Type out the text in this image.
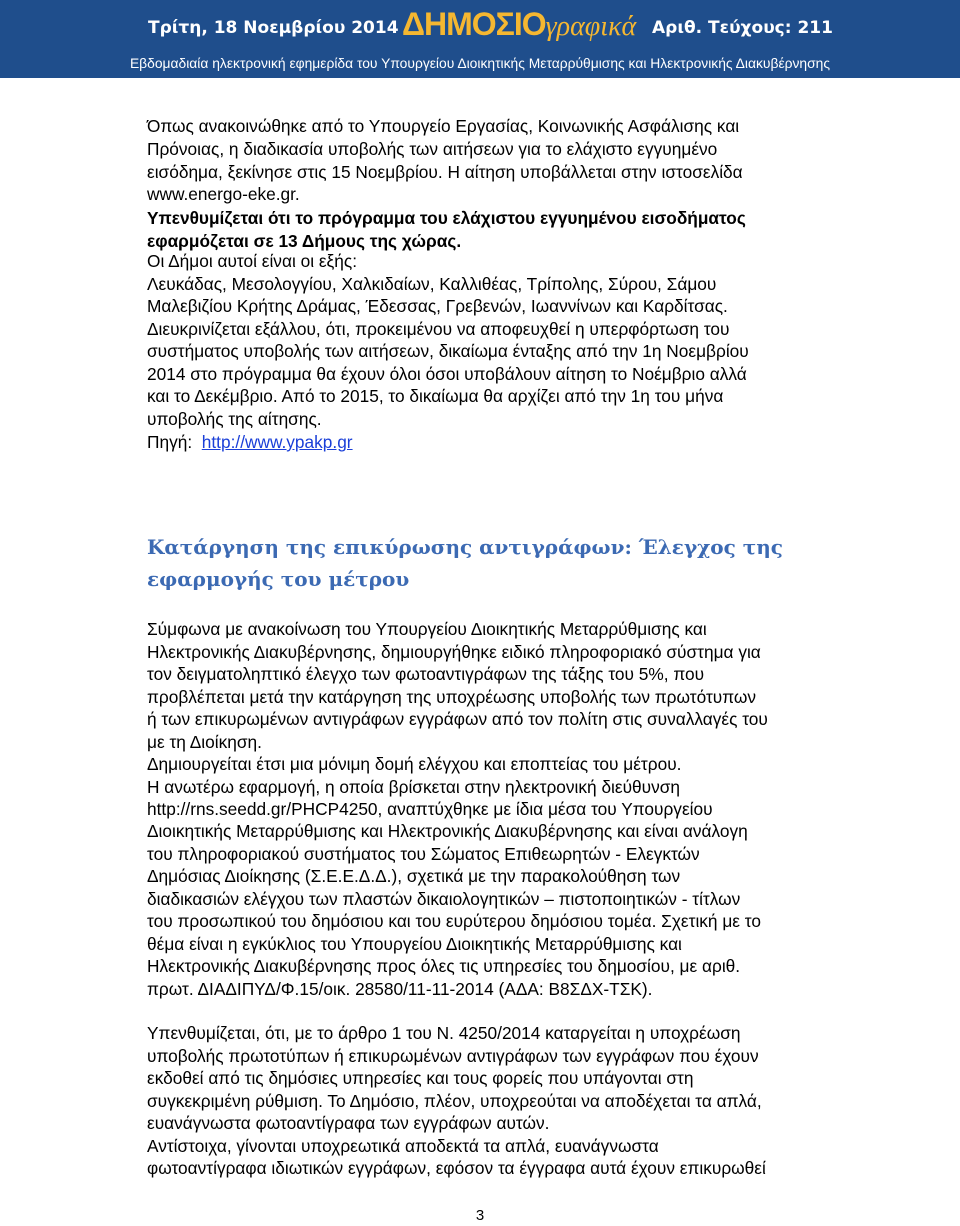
Τρίτη, 18 Νοεμβρίου 2014 ΔΗΜΟΣΙΟγραφικά Αριθ. Τεύχους: 211
Εβδομαδιαία ηλεκτρονική εφημερίδα του Υπουργείου Διοικητικής Μεταρρύθμισης και Ηλεκτρονικής Διακυβέρνησης
Όπως ανακοινώθηκε από το Υπουργείο Εργασίας, Κοινωνικής Ασφάλισης και
Πρόνοιας, η διαδικασία υποβολής των αιτήσεων για το ελάχιστο εγγυημένο
εισόδημα, ξεκίνησε στις 15 Νοεμβρίου. Η αίτηση υποβάλλεται στην ιστοσελίδα
www.energo-eke.gr.
Υπενθυμίζεται ότι το πρόγραμμα του ελάχιστου εγγυημένου εισοδήματος
εφαρμόζεται σε 13 Δήμους της χώρας.
Οι Δήμοι αυτοί είναι οι εξής:
Λευκάδας, Μεσολογγίου, Χαλκιδαίων, Καλλιθέας, Τρίπολης, Σύρου, Σάμου
Μαλεβιζίου Κρήτης Δράμας, Έδεσσας, Γρεβενών, Ιωαννίνων και Καρδίτσας.
Διευκρινίζεται εξάλλου, ότι, προκειμένου να αποφευχθεί η υπερφόρτωση του
συστήματος υποβολής των αιτήσεων, δικαίωμα ένταξης από την 1η Νοεμβρίου
2014 στο πρόγραμμα θα έχουν όλοι όσοι υποβάλουν αίτηση το Νοέμβριο αλλά
και το Δεκέμβριο. Από το 2015, το δικαίωμα θα αρχίζει από την 1η του μήνα
υποβολής της αίτησης.
Πηγή: http://www.ypakp.gr
Κατάργηση της επικύρωσης αντιγράφων: Έλεγχος της
εφαρμογής του μέτρου
Σύμφωνα με ανακοίνωση του Υπουργείου Διοικητικής Μεταρρύθμισης και
Ηλεκτρονικής Διακυβέρνησης, δημιουργήθηκε ειδικό πληροφοριακό σύστημα για
τον δειγματοληπτικό έλεγχο των φωτοαντιγράφων της τάξης του 5%, που
προβλέπεται μετά την κατάργηση της υποχρέωσης υποβολής των πρωτότυπων
ή των επικυρωμένων αντιγράφων εγγράφων από τον πολίτη στις συναλλαγές του
με τη Διοίκηση.
Δημιουργείται έτσι μια μόνιμη δομή ελέγχου και εποπτείας του μέτρου.
Η ανωτέρω εφαρμογή, η οποία βρίσκεται στην ηλεκτρονική διεύθυνση
http://rns.seedd.gr/PHCP4250, αναπτύχθηκε με ίδια μέσα του Υπουργείου
Διοικητικής Μεταρρύθμισης και Ηλεκτρονικής Διακυβέρνησης και είναι ανάλογη
του πληροφοριακού συστήματος του Σώματος Επιθεωρητών - Ελεγκτών
Δημόσιας Διοίκησης (Σ.Ε.Ε.Δ.Δ.), σχετικά με την παρακολούθηση των
διαδικασιών ελέγχου των πλαστών δικαιολογητικών – πιστοποιητικών - τίτλων
του προσωπικού του δημόσιου και του ευρύτερου δημόσιου τομέα. Σχετική με το
θέμα είναι η εγκύκλιος του Υπουργείου Διοικητικής Μεταρρύθμισης και
Ηλεκτρονικής Διακυβέρνησης προς όλες τις υπηρεσίες του δημοσίου, με αριθ.
πρωτ. ΔΙΑΔΙΠΥΔ/Φ.15/οικ. 28580/11-11-2014 (ΑΔΑ: Β8ΣΔΧ-ΤΣΚ).
Υπενθυμίζεται, ότι, με το άρθρο 1 του Ν. 4250/2014 καταργείται η υποχρέωση
υποβολής πρωτοτύπων ή επικυρωμένων αντιγράφων των εγγράφων που έχουν
εκδοθεί από τις δημόσιες υπηρεσίες και τους φορείς που υπάγονται στη
συγκεκριμένη ρύθμιση. Το Δημόσιο, πλέον, υποχρεούται να αποδέχεται τα απλά,
ευανάγνωστα φωτοαντίγραφα των εγγράφων αυτών.
Αντίστοιχα, γίνονται υποχρεωτικά αποδεκτά τα απλά, ευανάγνωστα
φωτοαντίγραφα ιδιωτικών εγγράφων, εφόσον τα έγγραφα αυτά έχουν επικυρωθεί
3
